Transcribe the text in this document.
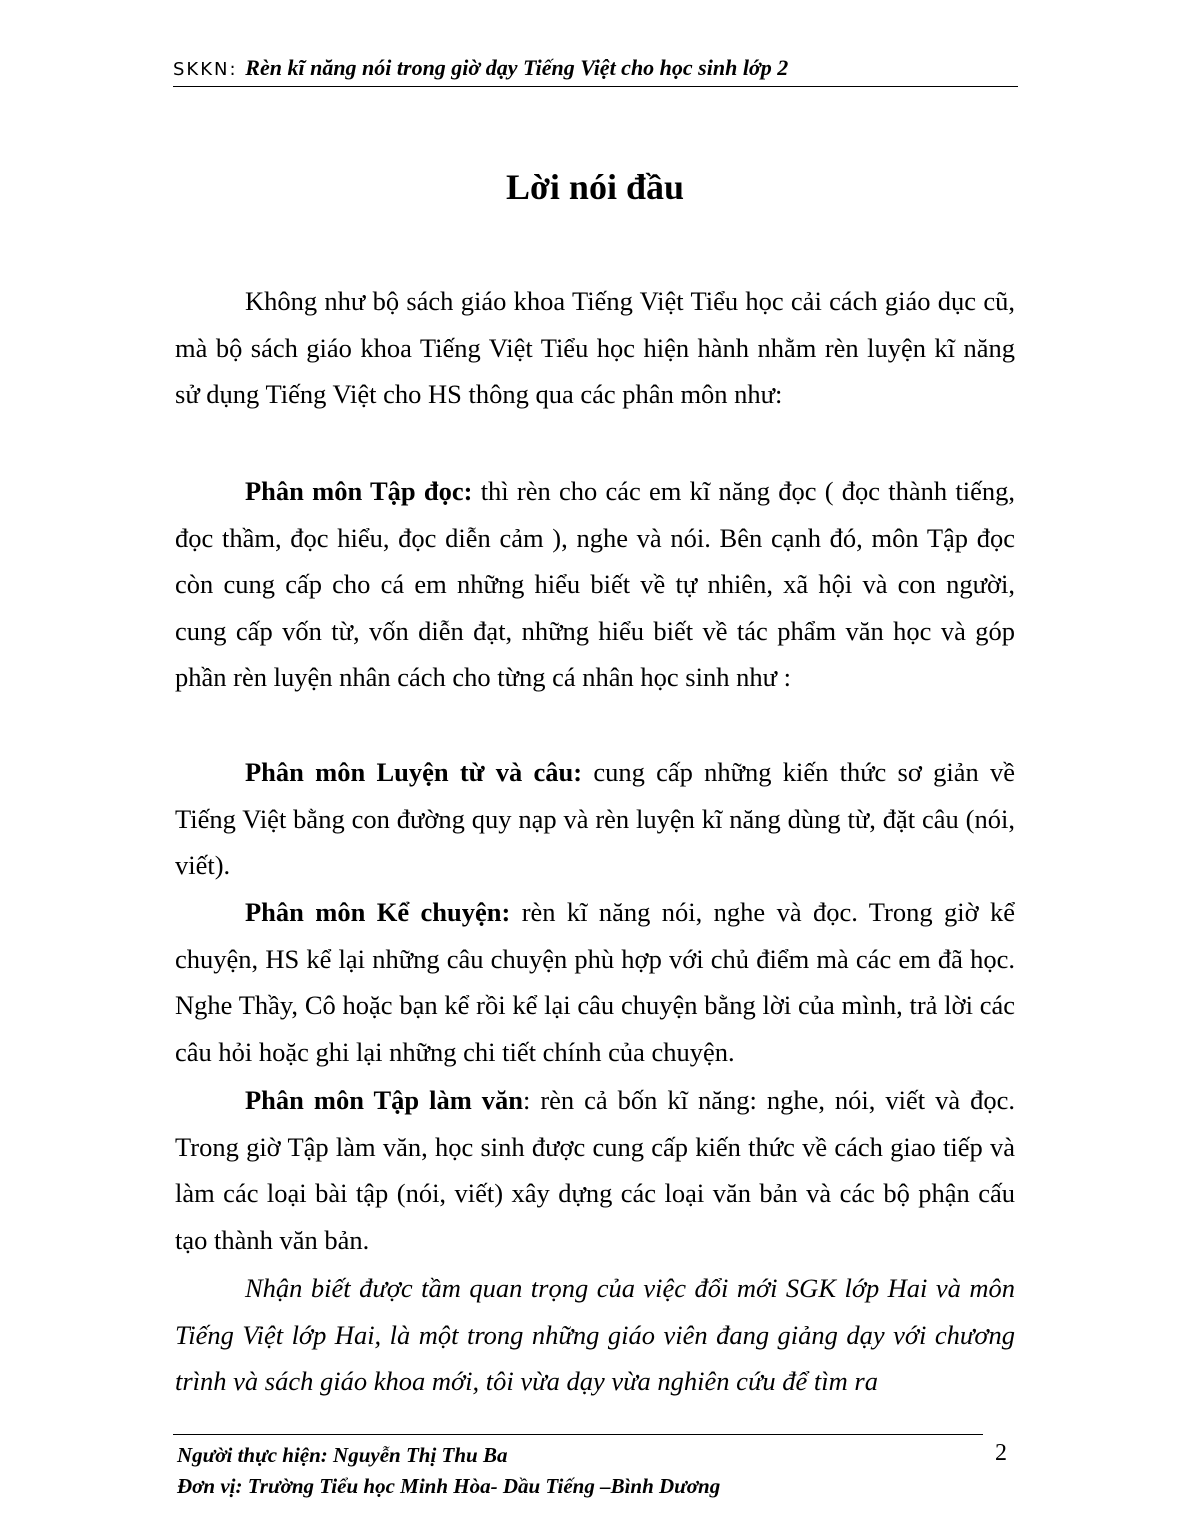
SKKN: Rèn kĩ năng nói trong giờ dạy Tiếng Việt cho học sinh lớp 2
Lời nói đầu

Không như bộ sách giáo khoa Tiếng Việt Tiểu học cải cách giáo dục cũ, mà bộ sách giáo khoa Tiếng Việt Tiểu học hiện hành nhằm rèn luyện kĩ năng sử dụng Tiếng Việt cho HS thông qua các phân môn như:

Phân môn Tập đọc: thì rèn cho các em kĩ năng đọc ( đọc thành tiếng, đọc thầm, đọc hiểu, đọc diễn cảm ), nghe và nói. Bên cạnh đó, môn Tập đọc còn cung cấp cho cá em những hiểu biết về tự nhiên, xã hội và con người, cung cấp vốn từ, vốn diễn đạt, những hiểu biết về tác phẩm văn học và góp phần rèn luyện nhân cách cho từng cá nhân học sinh như :

Phân môn Luyện từ và câu: cung cấp những kiến thức sơ giản về Tiếng Việt bằng con đường quy nạp và rèn luyện kĩ năng dùng từ, đặt câu (nói, viết).

Phân môn Kể chuyện: rèn kĩ năng nói, nghe và đọc. Trong giờ kể chuyện, HS kể lại những câu chuyện phù hợp với chủ điểm mà các em đã học. Nghe Thầy, Cô hoặc bạn kể rồi kể lại câu chuyện bằng lời của mình, trả lời các câu hỏi hoặc ghi lại những chi tiết chính của chuyện.

Phân môn Tập làm văn: rèn cả bốn kĩ năng: nghe, nói, viết và đọc. Trong giờ Tập làm văn, học sinh được cung cấp kiến thức về cách giao tiếp và làm các loại bài tập (nói, viết) xây dựng các loại văn bản và các bộ phận cấu tạo thành văn bản.

Nhận biết được tầm quan trọng của việc đổi mới SGK lớp Hai và môn Tiếng Việt lớp Hai, là một trong những giáo viên đang giảng dạy với chương trình và sách giáo khoa mới, tôi vừa dạy vừa nghiên cứu để tìm ra

Người thực hiện: Nguyễn Thị Thu Ba
Đơn vị: Trường Tiểu học Minh Hòa- Dầu Tiếng –Bình Dương
2
